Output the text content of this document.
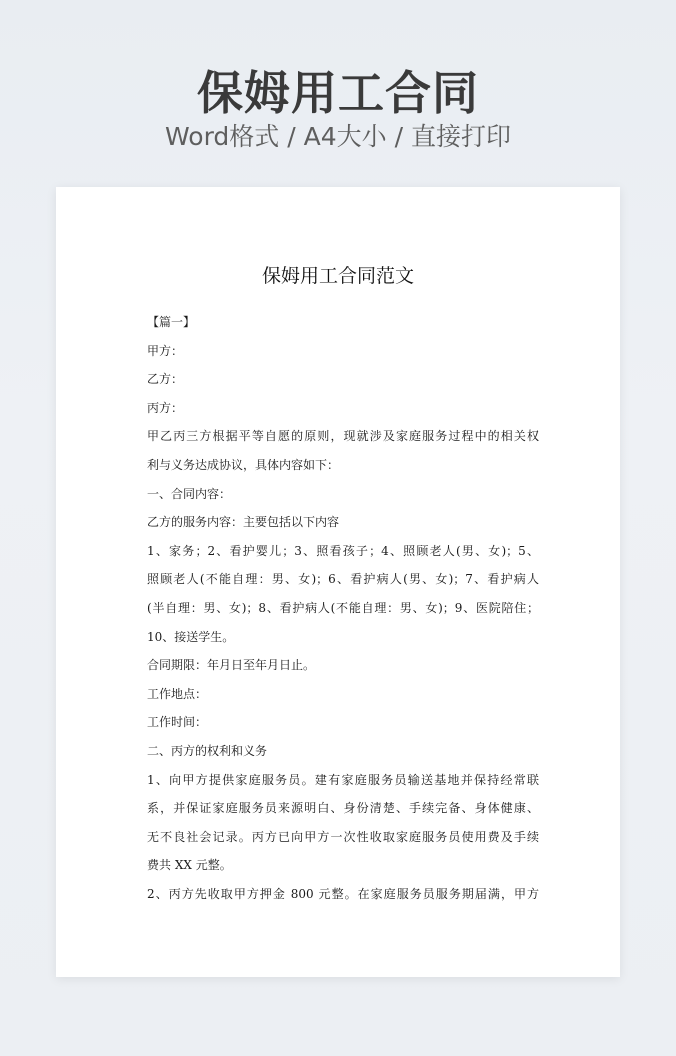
保姆用工合同
Word格式 / A4大小 / 直接打印
保姆用工合同范文
【篇一】
甲方：
乙方：
丙方：
甲乙丙三方根据平等自愿的原则，现就涉及家庭服务过程中的相关权
利与义务达成协议，具体内容如下：
一、合同内容：
乙方的服务内容：主要包括以下内容
1、家务；2、看护婴儿；3、照看孩子；4、照顾老人(男、女)；5、
照顾老人(不能自理：男、女)；6、看护病人(男、女)；7、看护病人
(半自理：男、女)；8、看护病人(不能自理：男、女)；9、医院陪住；
10、接送学生。
合同期限：年月日至年月日止。
工作地点：
工作时间：
二、丙方的权利和义务
1、向甲方提供家庭服务员。建有家庭服务员输送基地并保持经常联
系，并保证家庭服务员来源明白、身份清楚、手续完备、身体健康、
无不良社会记录。丙方已向甲方一次性收取家庭服务员使用费及手续
费共 XX 元整。
2、丙方先收取甲方押金 800 元整。在家庭服务员服务期届满，甲方
